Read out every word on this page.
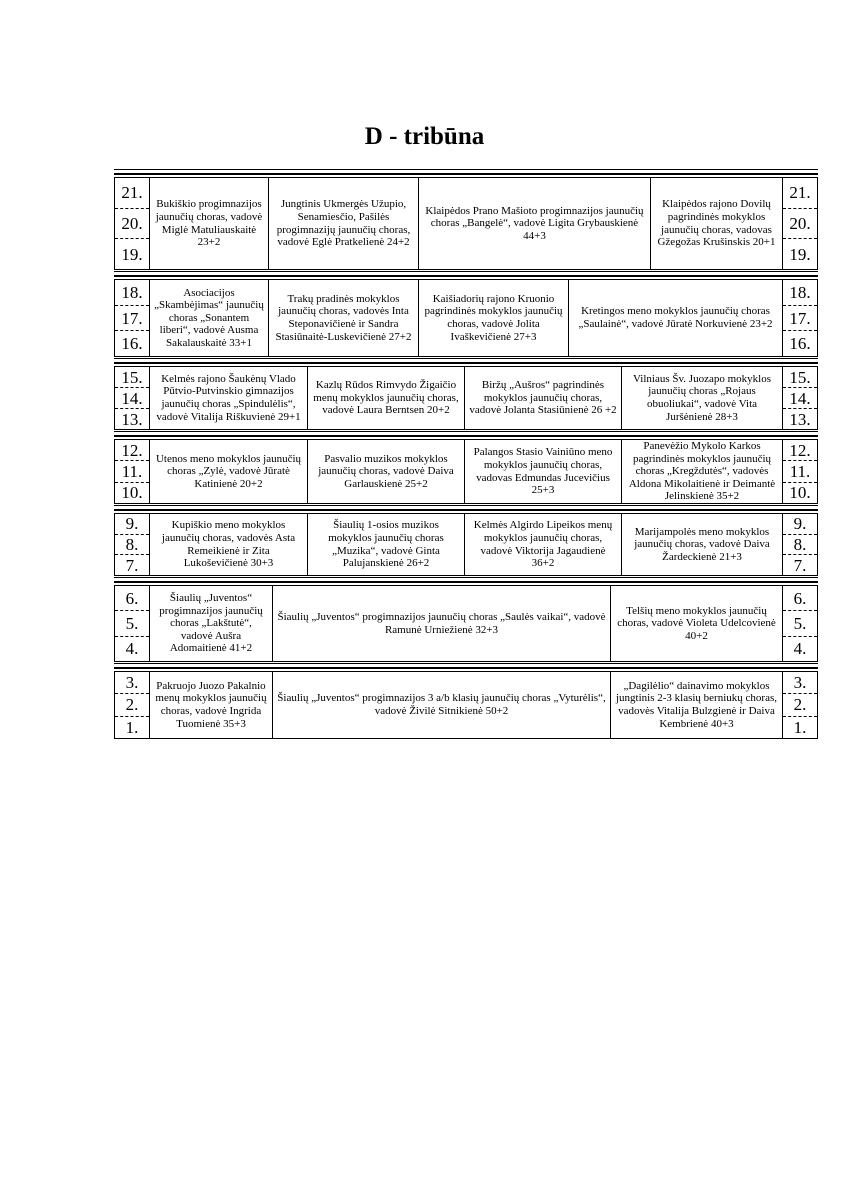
D - tribūna
21.
20.
19.
Bukiškio progimnazijos jaunučių choras, vadovė Miglė Matuliauskaitė 23+2
Jungtinis Ukmergės Užupio, Senamiesčio, Pašilės progimnazijų jaunučių choras, vadovė Eglė Pratkelienė 24+2
Klaipėdos Prano Mašioto progimnazijos jaunučių choras „Bangelė“, vadovė Ligita Grybauskienė 44+3
Klaipėdos rajono Dovilų pagrindinės mokyklos jaunučių choras, vadovas Gžegožas Krušinskis 20+1
21.
20.
19.
18.
17.
16.
Asociacijos „Skambėjimas“ jaunučių choras „Sonantem liberi“, vadovė Ausma Sakalauskaitė 33+1
Trakų pradinės mokyklos jaunučių choras, vadovės Inta Steponavičienė ir Sandra Stasiūnaitė-Luskevičienė 27+2
Kaišiadorių rajono Kruonio pagrindinės mokyklos jaunučių choras, vadovė Jolita Ivaškevičienė 27+3
Kretingos meno mokyklos jaunučių choras „Saulainė“, vadovė Jūratė Norkuvienė 23+2
18.
17.
16.
15.
14.
13.
Kelmės rajono Šaukėnų Vlado Pūtvio-Putvinskio gimnazijos jaunučių choras „Spindulėlis“, vadovė Vitalija Riškuvienė 29+1
Kazlų Rūdos Rimvydo Žigaičio menų mokyklos jaunučių choras, vadovė Laura Berntsen 20+2
Biržų „Aušros“ pagrindinės mokyklos jaunučių choras, vadovė Jolanta Stasiūnienė 26 +2
Vilniaus Šv. Juozapo mokyklos jaunučių choras „Rojaus obuoliukai“, vadovė Vita Juršėnienė 28+3
15.
14.
13.
12.
11.
10.
Utenos meno mokyklos jaunučių choras „Zylė, vadovė Jūratė Katinienė 20+2
Pasvalio muzikos mokyklos jaunučių choras, vadovė Daiva Garlauskienė 25+2
Palangos Stasio Vainiūno meno mokyklos jaunučių choras, vadovas Edmundas Jucevičius 25+3
Panevėžio Mykolo Karkos pagrindinės mokyklos jaunučių choras „Kregždutės“, vadovės Aldona Mikolaitienė ir Deimantė Jelinskienė 35+2
12.
11.
10.
9.
8.
7.
Kupiškio meno mokyklos jaunučių choras, vadovės Asta Remeikienė ir Zita Lukoševičienė 30+3
Šiaulių 1-osios muzikos mokyklos jaunučių choras „Muzika“, vadovė Ginta Palujanskienė 26+2
Kelmės Algirdo Lipeikos menų mokyklos jaunučių choras, vadovė Viktorija Jagaudienė 36+2
Marijampolės meno mokyklos jaunučių choras, vadovė Daiva Žardeckienė 21+3
9.
8.
7.
6.
5.
4.
Šiaulių „Juventos“ progimnazijos jaunučių choras „Lakštutė“, vadovė Aušra Adomaitienė 41+2
Šiaulių „Juventos“ progimnazijos jaunučių choras „Saulės vaikai“, vadovė Ramunė Urniežienė 32+3
Telšių meno mokyklos jaunučių choras, vadovė Violeta Udelcovienė 40+2
6.
5.
4.
3.
2.
1.
Pakruojo Juozo Pakalnio menų mokyklos jaunučių choras, vadovė Ingrida Tuomienė 35+3
Šiaulių „Juventos“ progimnazijos 3 a/b klasių jaunučių choras „Vyturėlis“, vadovė Živilė Sitnikienė 50+2
„Dagilėlio“ dainavimo mokyklos jungtinis 2-3 klasių berniukų choras, vadovės Vitalija Bulzgienė ir Daiva Kembrienė 40+3
3.
2.
1.
